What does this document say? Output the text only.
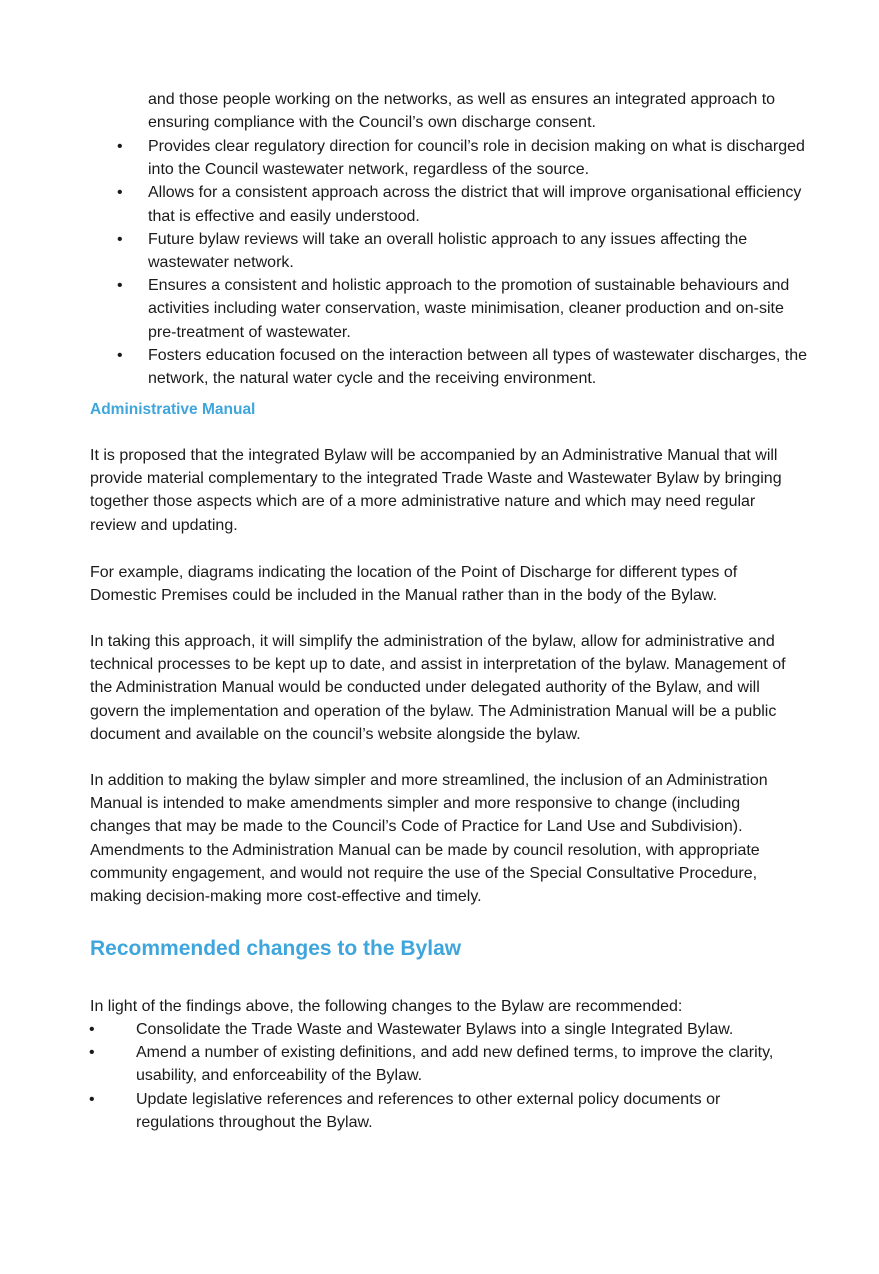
and those people working on the networks, as well as ensures an integrated approach to ensuring compliance with the Council’s own discharge consent.

• Provides clear regulatory direction for council’s role in decision making on what is discharged into the Council wastewater network, regardless of the source.
• Allows for a consistent approach across the district that will improve organisational efficiency that is effective and easily understood.
• Future bylaw reviews will take an overall holistic approach to any issues affecting the wastewater network.
• Ensures a consistent and holistic approach to the promotion of sustainable behaviours and activities including water conservation, waste minimisation, cleaner production and on-site pre-treatment of wastewater.
• Fosters education focused on the interaction between all types of wastewater discharges, the network, the natural water cycle and the receiving environment.
Administrative Manual

It is proposed that the integrated Bylaw will be accompanied by an Administrative Manual that will provide material complementary to the integrated Trade Waste and Wastewater Bylaw by bringing together those aspects which are of a more administrative nature and which may need regular review and updating.

For example, diagrams indicating the location of the Point of Discharge for different types of Domestic Premises could be included in the Manual rather than in the body of the Bylaw.

In taking this approach, it will simplify the administration of the bylaw, allow for administrative and technical processes to be kept up to date, and assist in interpretation of the bylaw. Management of the Administration Manual would be conducted under delegated authority of the Bylaw, and will govern the implementation and operation of the bylaw. The Administration Manual will be a public document and available on the council’s website alongside the bylaw.

In addition to making the bylaw simpler and more streamlined, the inclusion of an Administration Manual is intended to make amendments simpler and more responsive to change (including changes that may be made to the Council’s Code of Practice for Land Use and Subdivision). Amendments to the Administration Manual can be made by council resolution, with appropriate community engagement, and would not require the use of the Special Consultative Procedure, making decision-making more cost-effective and timely.

Recommended changes to the Bylaw

In light of the findings above, the following changes to the Bylaw are recommended:

•	Consolidate the Trade Waste and Wastewater Bylaws into a single Integrated Bylaw.
•	Amend a number of existing definitions, and add new defined terms, to improve the clarity, usability, and enforceability of the Bylaw.
•	Update legislative references and references to other external policy documents or regulations throughout the Bylaw.
